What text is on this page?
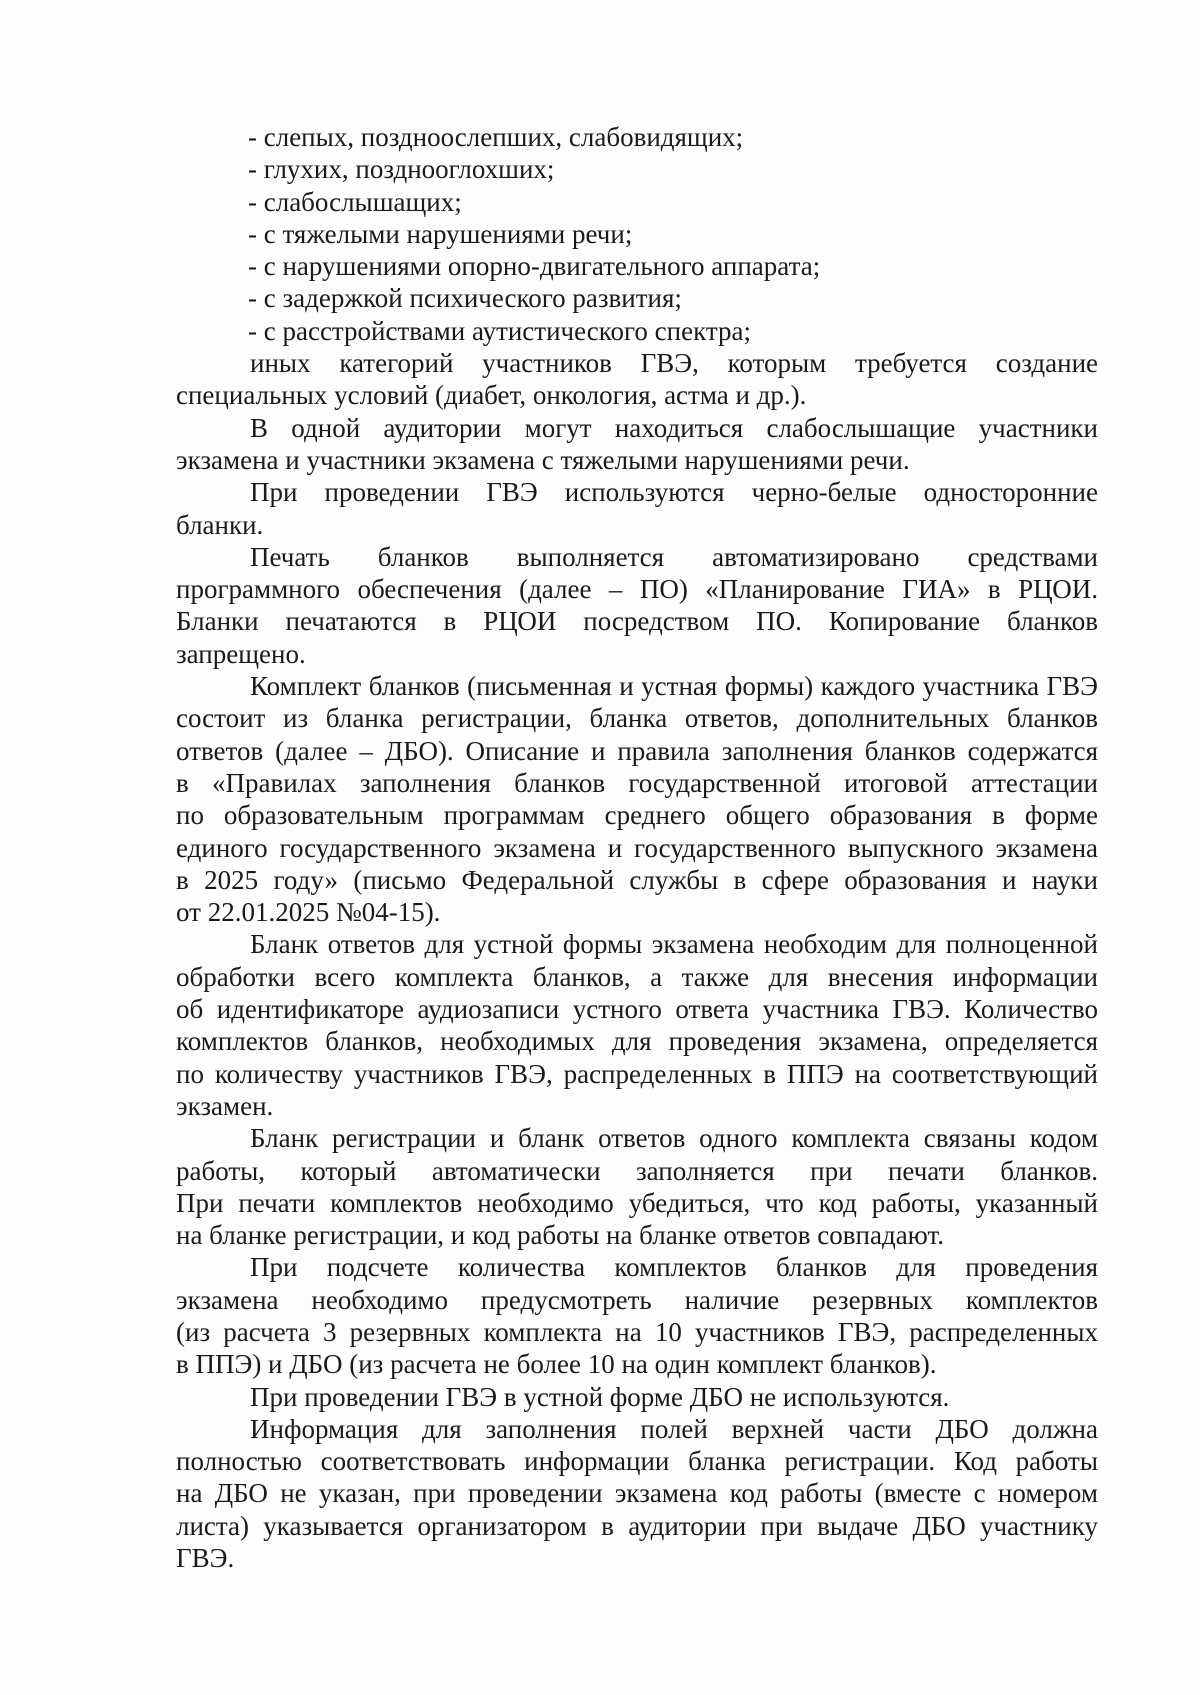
- слепых, поздноослепших, слабовидящих;
- глухих, позднооглохших;
- слабослышащих;
- с тяжелыми нарушениями речи;
- с нарушениями опорно-двигательного аппарата;
- с задержкой психического развития;
- с расстройствами аутистического спектра;
иных категорий участников ГВЭ, которым требуется создание
специальных условий (диабет, онкология, астма и др.).
В одной аудитории могут находиться слабослышащие участники
экзамена и участники экзамена с тяжелыми нарушениями речи.
При проведении ГВЭ используются черно-белые односторонние
бланки.
Печать бланков выполняется автоматизировано средствами
программного обеспечения (далее – ПО) «Планирование ГИА» в РЦОИ.
Бланки печатаются в РЦОИ посредством ПО. Копирование бланков
запрещено.
Комплект бланков (письменная и устная формы) каждого участника ГВЭ
состоит из бланка регистрации, бланка ответов, дополнительных бланков
ответов (далее – ДБО). Описание и правила заполнения бланков содержатся
в «Правилах заполнения бланков государственной итоговой аттестации
по образовательным программам среднего общего образования в форме
единого государственного экзамена и государственного выпускного экзамена
в 2025 году» (письмо Федеральной службы в сфере образования и науки
от 22.01.2025 №04-15).
Бланк ответов для устной формы экзамена необходим для полноценной
обработки всего комплекта бланков, а также для внесения информации
об идентификаторе аудиозаписи устного ответа участника ГВЭ. Количество
комплектов бланков, необходимых для проведения экзамена, определяется
по количеству участников ГВЭ, распределенных в ППЭ на соответствующий
экзамен.
Бланк регистрации и бланк ответов одного комплекта связаны кодом
работы, который автоматически заполняется при печати бланков.
При печати комплектов необходимо убедиться, что код работы, указанный
на бланке регистрации, и код работы на бланке ответов совпадают.
При подсчете количества комплектов бланков для проведения
экзамена необходимо предусмотреть наличие резервных комплектов
(из расчета 3 резервных комплекта на 10 участников ГВЭ, распределенных
в ППЭ) и ДБО (из расчета не более 10 на один комплект бланков).
При проведении ГВЭ в устной форме ДБО не используются.
Информация для заполнения полей верхней части ДБО должна
полностью соответствовать информации бланка регистрации. Код работы
на ДБО не указан, при проведении экзамена код работы (вместе с номером
листа) указывается организатором в аудитории при выдаче ДБО участнику
ГВЭ.
